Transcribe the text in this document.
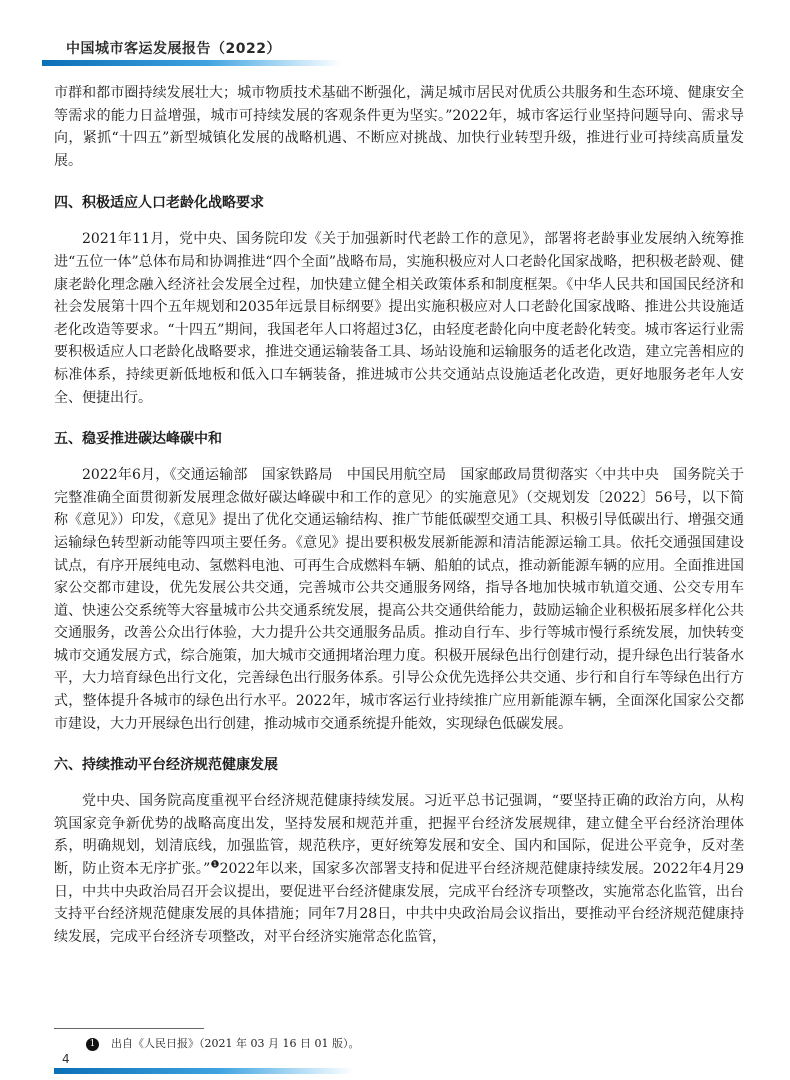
中国城市客运发展报告（2022）

市群和都市圈持续发展壮大；城市物质技术基础不断强化，满足城市居民对优质公共服务和生态环境、健康安全等需求的能力日益增强，城市可持续发展的客观条件更为坚实。”2022年，城市客运行业坚持问题导向、需求导向，紧抓“十四五”新型城镇化发展的战略机遇、不断应对挑战、加快行业转型升级，推进行业可持续高质量发展。

四、积极适应人口老龄化战略要求

2021年11月，党中央、国务院印发《关于加强新时代老龄工作的意见》，部署将老龄事业发展纳入统筹推进“五位一体”总体布局和协调推进“四个全面”战略布局，实施积极应对人口老龄化国家战略，把积极老龄观、健康老龄化理念融入经济社会发展全过程，加快建立健全相关政策体系和制度框架。《中华人民共和国国民经济和社会发展第十四个五年规划和2035年远景目标纲要》提出实施积极应对人口老龄化国家战略、推进公共设施适老化改造等要求。“十四五”期间，我国老年人口将超过3亿，由轻度老龄化向中度老龄化转变。城市客运行业需要积极适应人口老龄化战略要求，推进交通运输装备工具、场站设施和运输服务的适老化改造，建立完善相应的标准体系，持续更新低地板和低入口车辆装备，推进城市公共交通站点设施适老化改造，更好地服务老年人安全、便捷出行。

五、稳妥推进碳达峰碳中和

2022年6月，《交通运输部　国家铁路局　中国民用航空局　国家邮政局贯彻落实〈中共中央　国务院关于完整准确全面贯彻新发展理念做好碳达峰碳中和工作的意见〉的实施意见》（交规划发〔2022〕56号，以下简称《意见》）印发，《意见》提出了优化交通运输结构、推广节能低碳型交通工具、积极引导低碳出行、增强交通运输绿色转型新动能等四项主要任务。《意见》提出要积极发展新能源和清洁能源运输工具。依托交通强国建设试点，有序开展纯电动、氢燃料电池、可再生合成燃料车辆、船舶的试点，推动新能源车辆的应用。全面推进国家公交都市建设，优先发展公共交通，完善城市公共交通服务网络，指导各地加快城市轨道交通、公交专用车道、快速公交系统等大容量城市公共交通系统发展，提高公共交通供给能力，鼓励运输企业积极拓展多样化公共交通服务，改善公众出行体验，大力提升公共交通服务品质。推动自行车、步行等城市慢行系统发展，加快转变城市交通发展方式，综合施策，加大城市交通拥堵治理力度。积极开展绿色出行创建行动，提升绿色出行装备水平，大力培育绿色出行文化，完善绿色出行服务体系。引导公众优先选择公共交通、步行和自行车等绿色出行方式，整体提升各城市的绿色出行水平。2022年，城市客运行业持续推广应用新能源车辆，全面深化国家公交都市建设，大力开展绿色出行创建，推动城市交通系统提升能效，实现绿色低碳发展。

六、持续推动平台经济规范健康发展

党中央、国务院高度重视平台经济规范健康持续发展。习近平总书记强调，“要坚持正确的政治方向，从构筑国家竞争新优势的战略高度出发，坚持发展和规范并重，把握平台经济发展规律，建立健全平台经济治理体系，明确规划，划清底线，加强监管，规范秩序，更好统筹发展和安全、国内和国际，促进公平竞争，反对垄断，防止资本无序扩张。”$^❶$2022年以来，国家多次部署支持和促进平台经济规范健康持续发展。2022年4月29日，中共中央政治局召开会议提出，要促进平台经济健康发展，完成平台经济专项整改，实施常态化监管，出台支持平台经济规范健康发展的具体措施；同年7月28日，中共中央政治局会议指出，要推动平台经济规范健康持续发展，完成平台经济专项整改，对平台经济实施常态化监管，

1 出自《人民日报》（2021 年 03 月 16 日 01 版）。
4
